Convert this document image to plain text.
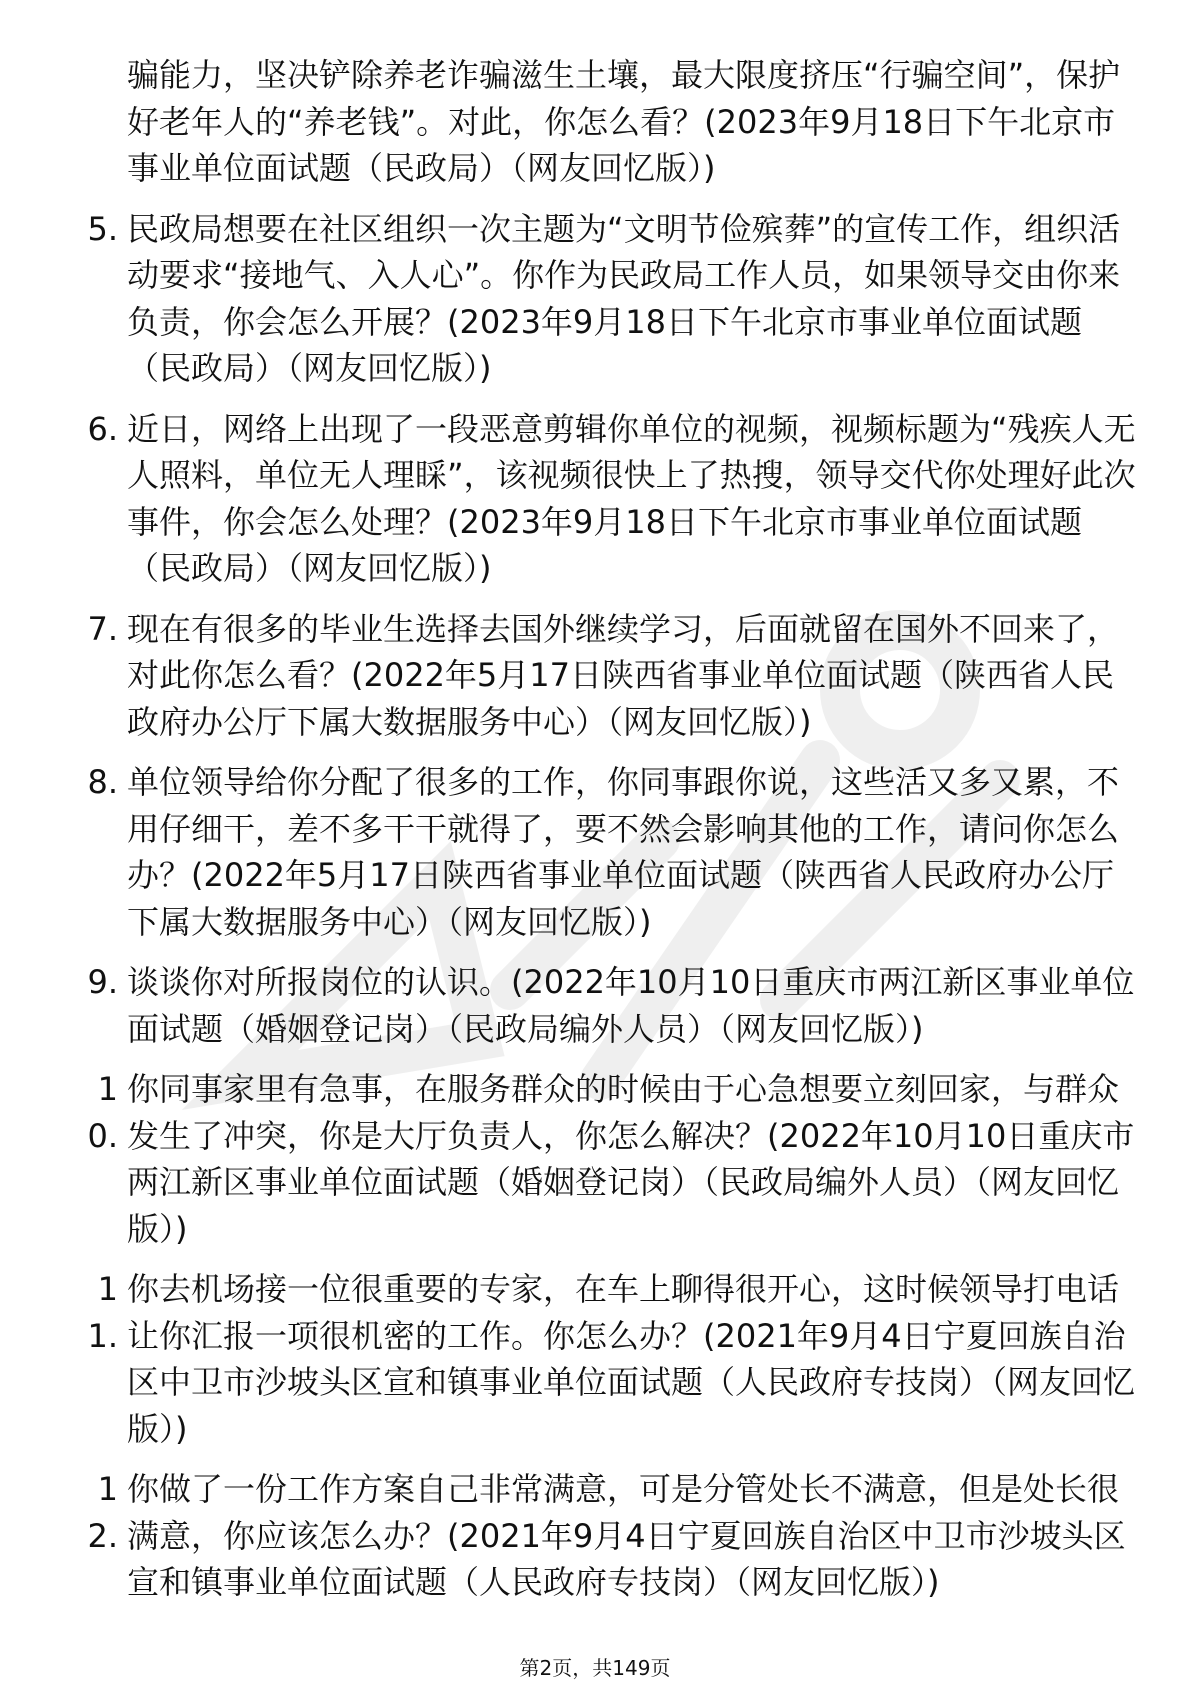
骗能力，坚决铲除养老诈骗滋生土壤，最大限度挤压“行骗空间”，保护好老年人的“养老钱”。对此，你怎么看？(2023年9月18日下午北京市事业单位面试题（民政局）（网友回忆版）)
5. 民政局想要在社区组织一次主题为“文明节俭殡葬”的宣传工作，组织活动要求“接地气、入人心”。你作为民政局工作人员，如果领导交由你来负责，你会怎么开展？(2023年9月18日下午北京市事业单位面试题（民政局）（网友回忆版）)
6. 近日，网络上出现了一段恶意剪辑你单位的视频，视频标题为“残疾人无人照料，单位无人理睬”，该视频很快上了热搜，领导交代你处理好此次事件，你会怎么处理？(2023年9月18日下午北京市事业单位面试题（民政局）（网友回忆版）)
7. 现在有很多的毕业生选择去国外继续学习，后面就留在国外不回来了，对此你怎么看？(2022年5月17日陕西省事业单位面试题（陕西省人民政府办公厅下属大数据服务中心）（网友回忆版）)
8. 单位领导给你分配了很多的工作，你同事跟你说，这些活又多又累，不用仔细干，差不多干干就得了，要不然会影响其他的工作，请问你怎么办？(2022年5月17日陕西省事业单位面试题（陕西省人民政府办公厅下属大数据服务中心）（网友回忆版）)
9. 谈谈你对所报岗位的认识。(2022年10月10日重庆市两江新区事业单位面试题（婚姻登记岗）（民政局编外人员）（网友回忆版）)
10.
你同事家里有急事，在服务群众的时候由于心急想要立刻回家，与群众发生了冲突，你是大厅负责人，你怎么解决？(2022年10月10日重庆市两江新区事业单位面试题（婚姻登记岗）（民政局编外人员）（网友回忆版）)
11.
你去机场接一位很重要的专家，在车上聊得很开心，这时候领导打电话让你汇报一项很机密的工作。你怎么办？(2021年9月4日宁夏回族自治区中卫市沙坡头区宣和镇事业单位面试题（人民政府专技岗）（网友回忆版）)
12.
你做了一份工作方案自己非常满意，可是分管处长不满意，但是处长很满意，你应该怎么办？(2021年9月4日宁夏回族自治区中卫市沙坡头区宣和镇事业单位面试题（人民政府专技岗）（网友回忆版）)
第2页，共149页
